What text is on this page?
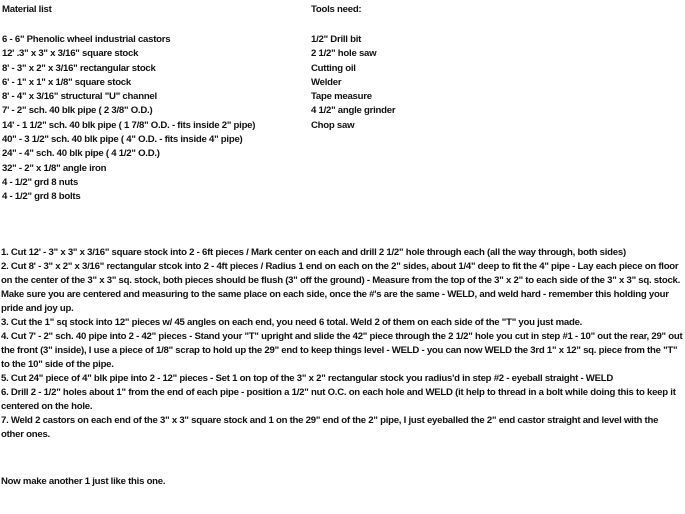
Material list
6 - 6" Phenolic wheel industrial castors
12' .3" x 3" x 3/16" square stock
8' - 3" x 2" x 3/16" rectangular stock
6' - 1" x 1" x 1/8" square stock
8' - 4" x 3/16" structural "U" channel
7' - 2" sch. 40 blk pipe ( 2 3/8" O.D.)
14' - 1 1/2" sch. 40 blk pipe ( 1 7/8" O.D. - fits inside 2" pipe)
40" - 3 1/2" sch. 40 blk pipe ( 4" O.D. - fits inside 4" pipe)
24" - 4" sch. 40 blk pipe ( 4 1/2" O.D.)
32" - 2" x 1/8" angle iron
4 - 1/2" grd 8 nuts
4 - 1/2" grd 8 bolts
Tools need:
1/2" Drill bit
2 1/2" hole saw
Cutting oil
Welder
Tape measure
4 1/2" angle grinder
Chop saw

1. Cut 12' - 3" x 3" x 3/16" square stock into 2 - 6ft pieces / Mark center on each and drill 2 1/2" hole through each (all the way through, both sides)

2. Cut 8' - 3" x 2" x 3/16" rectangular stcok into 2 - 4ft pieces / Radius 1 end on each on the 2" sides, about 1/4" deep to fit the 4" pipe - Lay each piece on floor on the center of the 3" x 3" sq. stock, both pieces should be flush (3" off the ground) - Measure from the top of the 3" x 2" to each side of the 3" x 3" sq. stock. Make sure you are centered and measuring to the same place on each side, once the #'s are the same - WELD, and weld hard - remember this holding your pride and joy up.

3. Cut the 1" sq stock into 12" pieces w/ 45 angles on each end, you need 6 total. Weld 2 of them on each side of the "T" you just made.

4. Cut 7' - 2" sch. 40 pipe into 2 - 42" pieces - Stand your "T" upright and slide the 42" piece through the 2 1/2" hole you cut in step #1 - 10" out the rear, 29" out the front (3" inside), I use a piece of 1/8" scrap to hold up the 29" end to keep things level - WELD - you can now WELD the 3rd 1" x 12" sq. piece from the "T" to the 10" side of the pipe.

5. Cut 24" piece of 4" blk pipe into 2 - 12" pieces - Set 1 on top of the 3" x 2" rectangular stock you radius'd in step #2 - eyeball straight - WELD

6. Drill 2 - 1/2" holes about 1" from the end of each pipe - position a 1/2" nut O.C. on each hole and WELD (it help to thread in a bolt while doing this to keep it centered on the hole.

7. Weld 2 castors on each end of the 3" x 3" square stock and 1 on the 29" end of the 2" pipe, I just eyeballed the 2" end castor straight and level with the other ones.

Now make another 1 just like this one.
